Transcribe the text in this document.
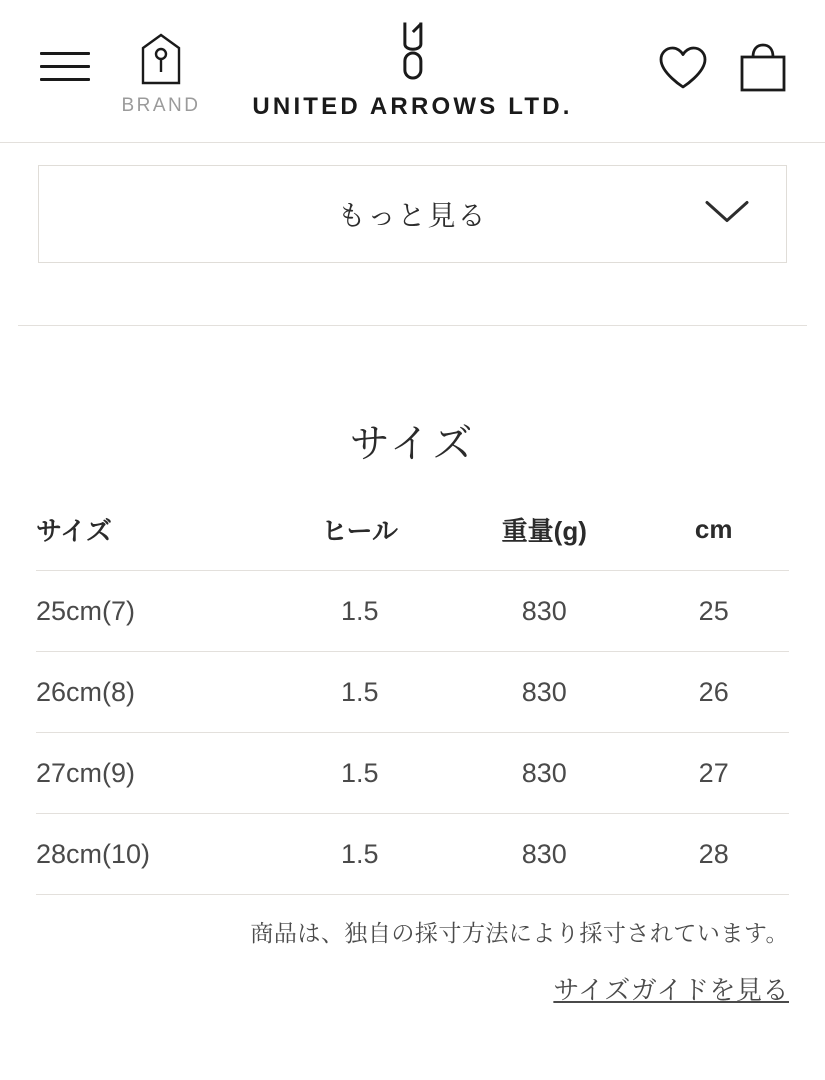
BRAND UNITED ARROWS LTD.
もっと見る
サイズ
サイズ	ヒール	重量(g)	cm
25cm(7)	1.5	830	25
26cm(8)	1.5	830	26
27cm(9)	1.5	830	27
28cm(10)	1.5	830	28

商品は、独自の採寸方法により採寸されています。

サイズガイドを見る
